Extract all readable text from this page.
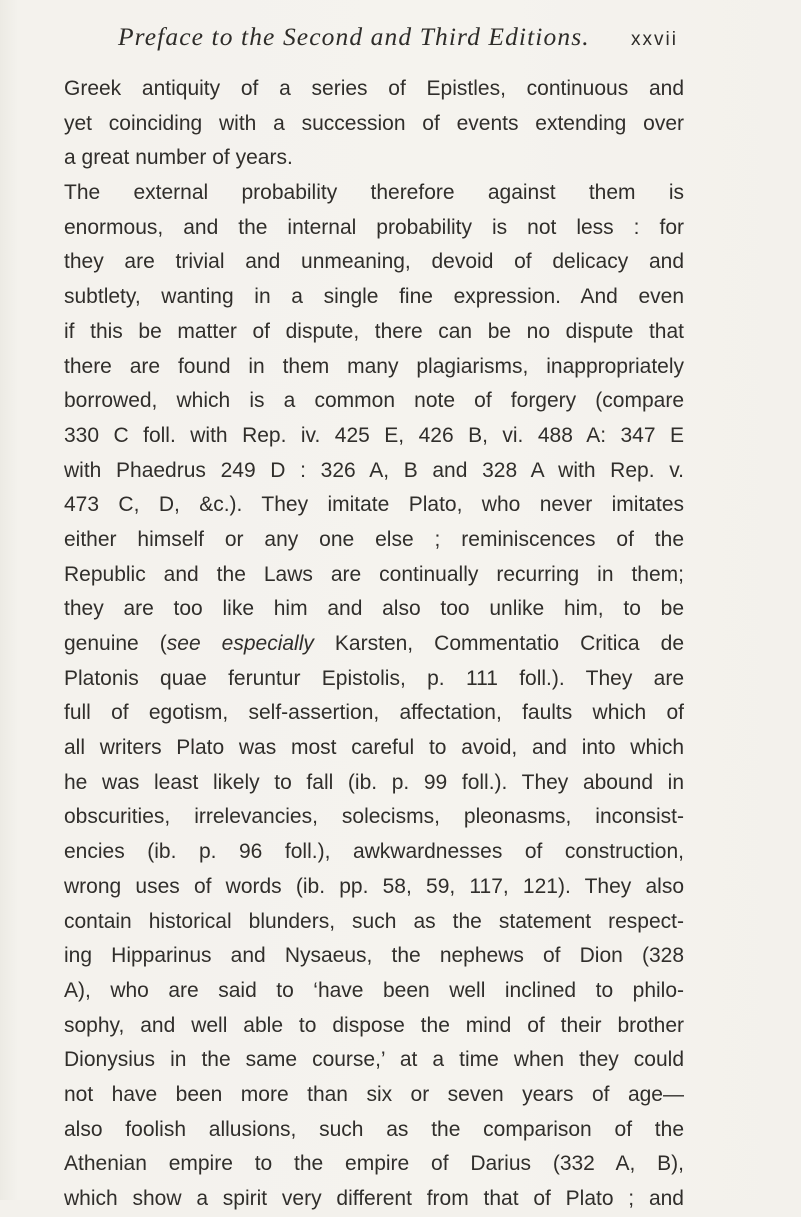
Preface to the Second and Third Editions. xxvii
Greek antiquity of a series of Epistles, continuous and
yet coinciding with a succession of events extending over
a great number of years.
The external probability therefore against them is
enormous, and the internal probability is not less : for
they are trivial and unmeaning, devoid of delicacy and
subtlety, wanting in a single fine expression. And even
if this be matter of dispute, there can be no dispute that
there are found in them many plagiarisms, inappropriately
borrowed, which is a common note of forgery (compare
330 C foll. with Rep. iv. 425 E, 426 B, vi. 488 A: 347 E
with Phaedrus 249 D : 326 A, B and 328 A with Rep. v.
473 C, D, &c.). They imitate Plato, who never imitates
either himself or any one else ; reminiscences of the
Republic and the Laws are continually recurring in them;
they are too like him and also too unlike him, to be
genuine (see especially Karsten, Commentatio Critica de
Platonis quae feruntur Epistolis, p. 111 foll.). They are
full of egotism, self-assertion, affectation, faults which of
all writers Plato was most careful to avoid, and into which
he was least likely to fall (ib. p. 99 foll.). They abound in
obscurities, irrelevancies, solecisms, pleonasms, inconsist-
encies (ib. p. 96 foll.), awkwardnesses of construction,
wrong uses of words (ib. pp. 58, 59, 117, 121). They also
contain historical blunders, such as the statement respect-
ing Hipparinus and Nysaeus, the nephews of Dion (328
A), who are said to ‘have been well inclined to philo-
sophy, and well able to dispose the mind of their brother
Dionysius in the same course,’ at a time when they could
not have been more than six or seven years of age—
also foolish allusions, such as the comparison of the
Athenian empire to the empire of Darius (332 A, B),
which show a spirit very different from that of Plato ; and
